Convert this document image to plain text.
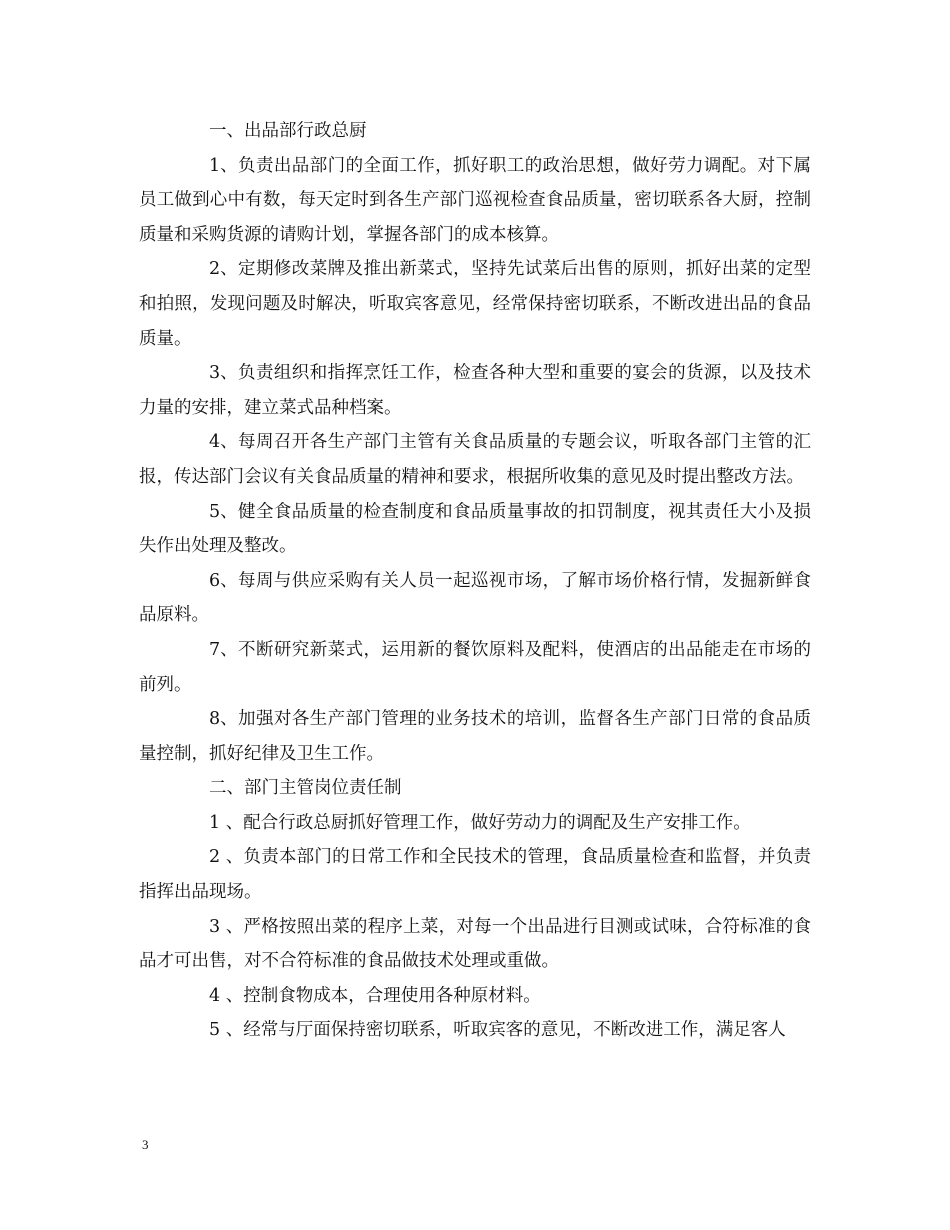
一、出品部行政总厨

1、负责出品部门的全面工作，抓好职工的政治思想，做好劳力调配。对下属员工做到心中有数，每天定时到各生产部门巡视检查食品质量，密切联系各大厨，控制质量和采购货源的请购计划，掌握各部门的成本核算。

2、定期修改菜牌及推出新菜式，坚持先试菜后出售的原则，抓好出菜的定型和拍照，发现问题及时解决，听取宾客意见，经常保持密切联系，不断改进出品的食品质量。

3、负责组织和指挥烹饪工作，检查各种大型和重要的宴会的货源，以及技术力量的安排，建立菜式品种档案。

4、每周召开各生产部门主管有关食品质量的专题会议，听取各部门主管的汇报，传达部门会议有关食品质量的精神和要求，根据所收集的意见及时提出整改方法。

5、健全食品质量的检查制度和食品质量事故的扣罚制度，视其责任大小及损失作出处理及整改。

6、每周与供应采购有关人员一起巡视市场，了解市场价格行情，发掘新鲜食品原料。

7、不断研究新菜式，运用新的餐饮原料及配料，使酒店的出品能走在市场的前列。

8、加强对各生产部门管理的业务技术的培训，监督各生产部门日常的食品质量控制，抓好纪律及卫生工作。

二、部门主管岗位责任制

1 、配合行政总厨抓好管理工作，做好劳动力的调配及生产安排工作。

2 、负责本部门的日常工作和全民技术的管理，食品质量检查和监督，并负责指挥出品现场。

3 、严格按照出菜的程序上菜，对每一个出品进行目测或试味，合符标准的食品才可出售，对不合符标准的食品做技术处理或重做。

4 、控制食物成本，合理使用各种原材料。

5 、经常与厅面保持密切联系，听取宾客的意见，不断改进工作，满足客人

3
